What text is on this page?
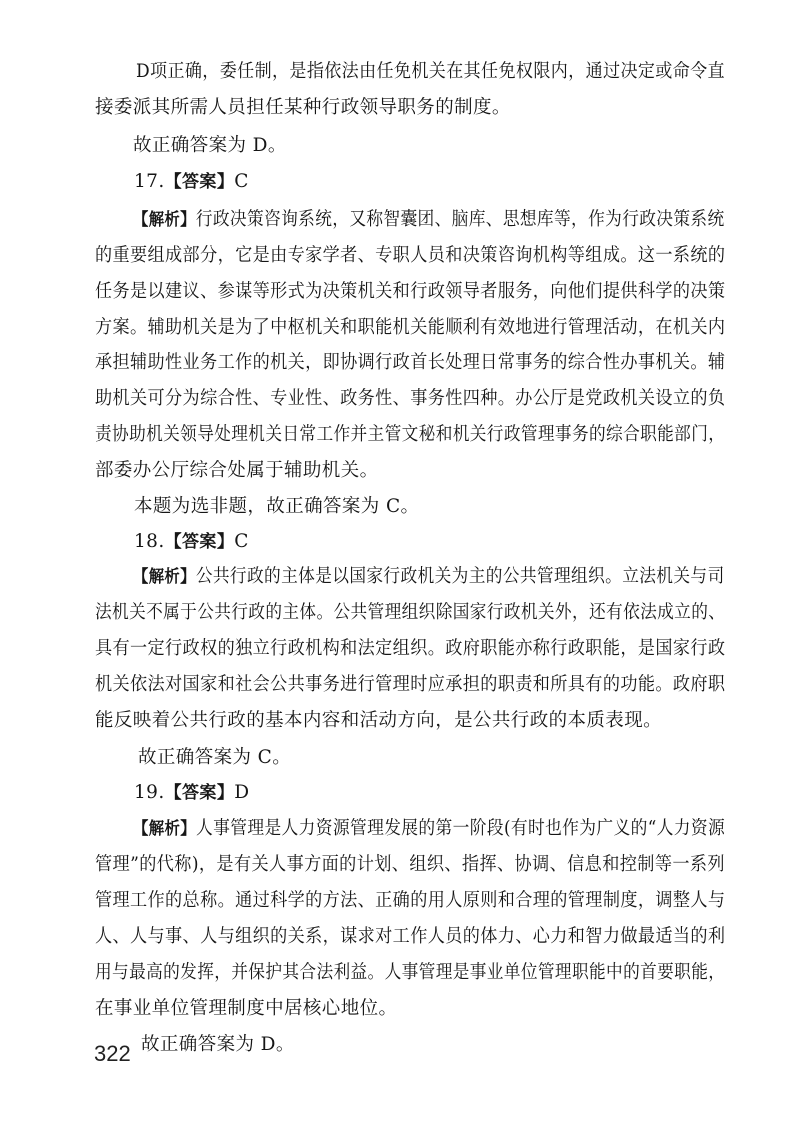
D项正确，委任制，是指依法由任免机关在其任免权限内，通过决定或命令直
接委派其所需人员担任某种行政领导职务的制度。
故正确答案为 D。
17.【答案】C
【解析】行政决策咨询系统，又称智囊团、脑库、思想库等，作为行政决策系统
的重要组成部分，它是由专家学者、专职人员和决策咨询机构等组成。这一系统的
任务是以建议、参谋等形式为决策机关和行政领导者服务，向他们提供科学的决策
方案。辅助机关是为了中枢机关和职能机关能顺利有效地进行管理活动，在机关内
承担辅助性业务工作的机关，即协调行政首长处理日常事务的综合性办事机关。辅
助机关可分为综合性、专业性、政务性、事务性四种。办公厅是党政机关设立的负
责协助机关领导处理机关日常工作并主管文秘和机关行政管理事务的综合职能部门，
部委办公厅综合处属于辅助机关。
本题为选非题，故正确答案为 C。
18.【答案】C
【解析】公共行政的主体是以国家行政机关为主的公共管理组织。立法机关与司
法机关不属于公共行政的主体。公共管理组织除国家行政机关外，还有依法成立的、
具有一定行政权的独立行政机构和法定组织。政府职能亦称行政职能，是国家行政
机关依法对国家和社会公共事务进行管理时应承担的职责和所具有的功能。政府职
能反映着公共行政的基本内容和活动方向，是公共行政的本质表现。
故正确答案为 C。
19.【答案】D
【解析】人事管理是人力资源管理发展的第一阶段(有时也作为广义的“人力资源
管理”的代称)，是有关人事方面的计划、组织、指挥、协调、信息和控制等一系列
管理工作的总称。通过科学的方法、正确的用人原则和合理的管理制度，调整人与
人、人与事、人与组织的关系，谋求对工作人员的体力、心力和智力做最适当的利
用与最高的发挥，并保护其合法利益。人事管理是事业单位管理职能中的首要职能，
在事业单位管理制度中居核心地位。
故正确答案为 D。
322
